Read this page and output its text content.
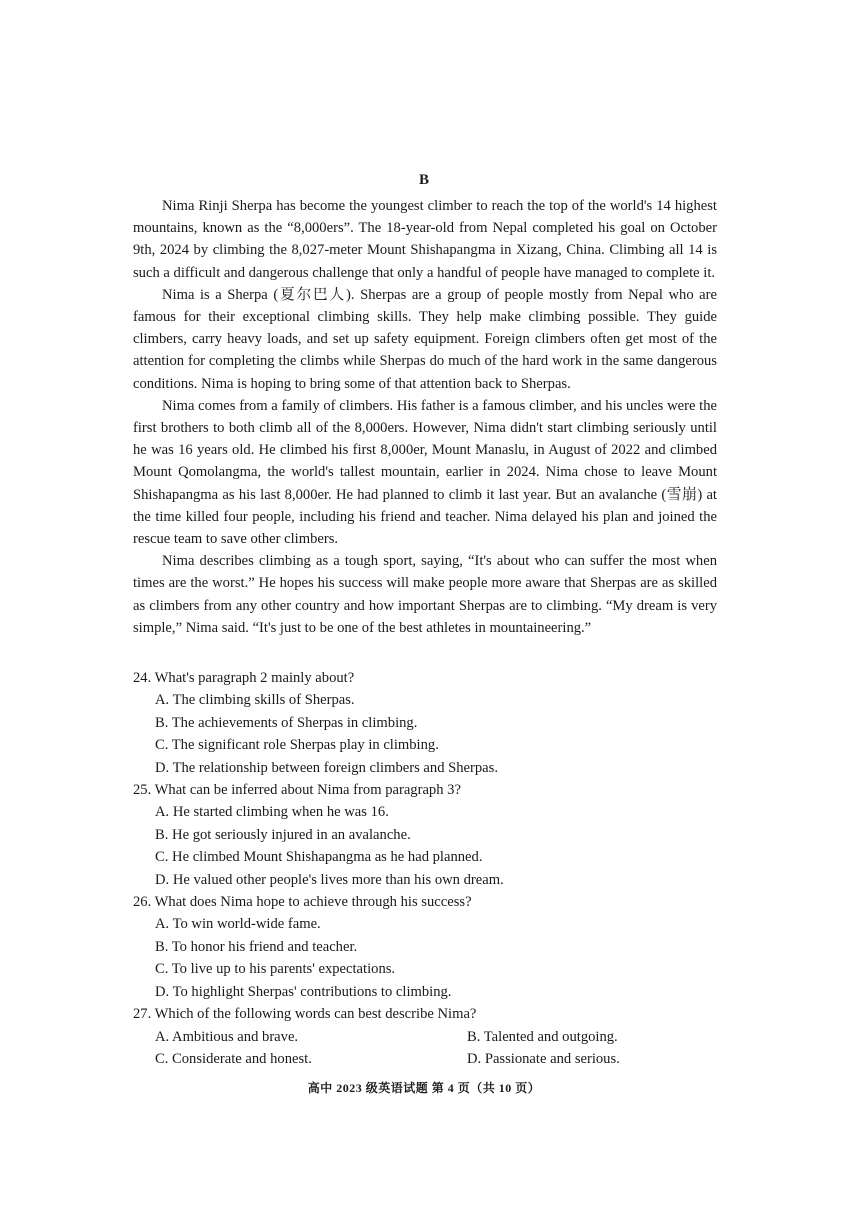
B

Nima Rinji Sherpa has become the youngest climber to reach the top of the world's 14 highest mountains, known as the “8,000ers”. The 18-year-old from Nepal completed his goal on October 9th, 2024 by climbing the 8,027-meter Mount Shishapangma in Xizang, China. Climbing all 14 is such a difficult and dangerous challenge that only a handful of people have managed to complete it.

Nima is a Sherpa (夏尔巴人). Sherpas are a group of people mostly from Nepal who are famous for their exceptional climbing skills. They help make climbing possible. They guide climbers, carry heavy loads, and set up safety equipment. Foreign climbers often get most of the attention for completing the climbs while Sherpas do much of the hard work in the same dangerous conditions. Nima is hoping to bring some of that attention back to Sherpas.

Nima comes from a family of climbers. His father is a famous climber, and his uncles were the first brothers to both climb all of the 8,000ers. However, Nima didn't start climbing seriously until he was 16 years old. He climbed his first 8,000er, Mount Manaslu, in August of 2022 and climbed Mount Qomolangma, the world's tallest mountain, earlier in 2024. Nima chose to leave Mount Shishapangma as his last 8,000er. He had planned to climb it last year. But an avalanche (雪崩) at the time killed four people, including his friend and teacher. Nima delayed his plan and joined the rescue team to save other climbers.

Nima describes climbing as a tough sport, saying, “It's about who can suffer the most when times are the worst.” He hopes his success will make people more aware that Sherpas are as skilled as climbers from any other country and how important Sherpas are to climbing. “My dream is very simple,” Nima said. “It's just to be one of the best athletes in mountaineering.”

24. What's paragraph 2 mainly about?
A. The climbing skills of Sherpas.
B. The achievements of Sherpas in climbing.
C. The significant role Sherpas play in climbing.
D. The relationship between foreign climbers and Sherpas.
25. What can be inferred about Nima from paragraph 3?
A. He started climbing when he was 16.
B. He got seriously injured in an avalanche.
C. He climbed Mount Shishapangma as he had planned.
D. He valued other people's lives more than his own dream.
26. What does Nima hope to achieve through his success?
A. To win world-wide fame.
B. To honor his friend and teacher.
C. To live up to his parents' expectations.
D. To highlight Sherpas' contributions to climbing.
27. Which of the following words can best describe Nima?
A. Ambitious and brave.	B. Talented and outgoing.
C. Considerate and honest.	D. Passionate and serious.
高中 2023 级英语试题 第 4 页（共 10 页）
